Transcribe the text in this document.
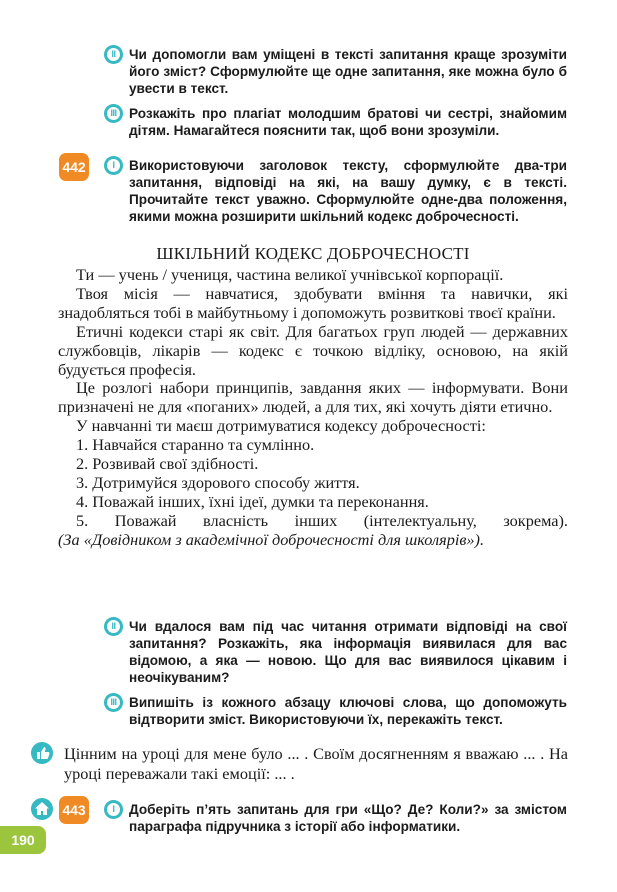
II Чи допомогли вам уміщені в тексті запитання краще зрозуміти його зміст? Сформулюйте ще одне запитання, яке можна було б увести в текст.
III Розкажіть про плагіат молодшим братові чи сестрі, знайомим дітям. Намагайтеся пояснити так, щоб вони зрозуміли.
442	I	Використовуючи заголовок тексту, сформулюйте два-три запитання, відповіді на які, на вашу думку, є в тексті. Прочитайте текст уважно. Сформулюйте одне-два положення, якими можна розширити шкільний кодекс доброчесності.
ШКІЛЬНИЙ КОДЕКС ДОБРОЧЕСНОСТІ

Ти — учень / учениця, частина великої учнівської корпорації.

Твоя місія — навчатися, здобувати вміння та навички, які знадобляться тобі в майбутньому і допоможуть розвиткові твоєї країни.

Етичні кодекси старі як світ. Для багатьох груп людей — державних службовців, лікарів — кодекс є точкою відліку, основою, на якій будується професія.

Це розлогі набори принципів, завдання яких — інформувати. Вони призначені не для «поганих» людей, а для тих, які хочуть діяти етично.

У навчанні ти маєш дотримуватися кодексу доброчесності:

1. Навчайся старанно та сумлінно.

2. Розвивай свої здібності.

3. Дотримуйся здорового способу життя.

4. Поважай інших, їхні ідеї, думки та переконання.

5. Поважай власність інших (інтелектуальну, зокрема).

(За «Довідником з академічної доброчесності для школярів»).

II Чи вдалося вам під час читання отримати відповіді на свої запитання? Розкажіть, яка інформація виявилася для вас відомою, а яка — новою. Що для вас виявилося цікавим і неочікуваним?
III Випишіть із кожного абзацу ключові слова, що допоможуть відтворити зміст. Використовуючи їх, перекажіть текст.
Цінним на уроці для мене було ... . Своїм досягненням я вважаю ... . На уроці переважали такі емоції: ... .
443	I	Доберіть п’ять запитань для гри «Що? Де? Коли?» за змістом параграфа підручника з історії або інформатики.
190
